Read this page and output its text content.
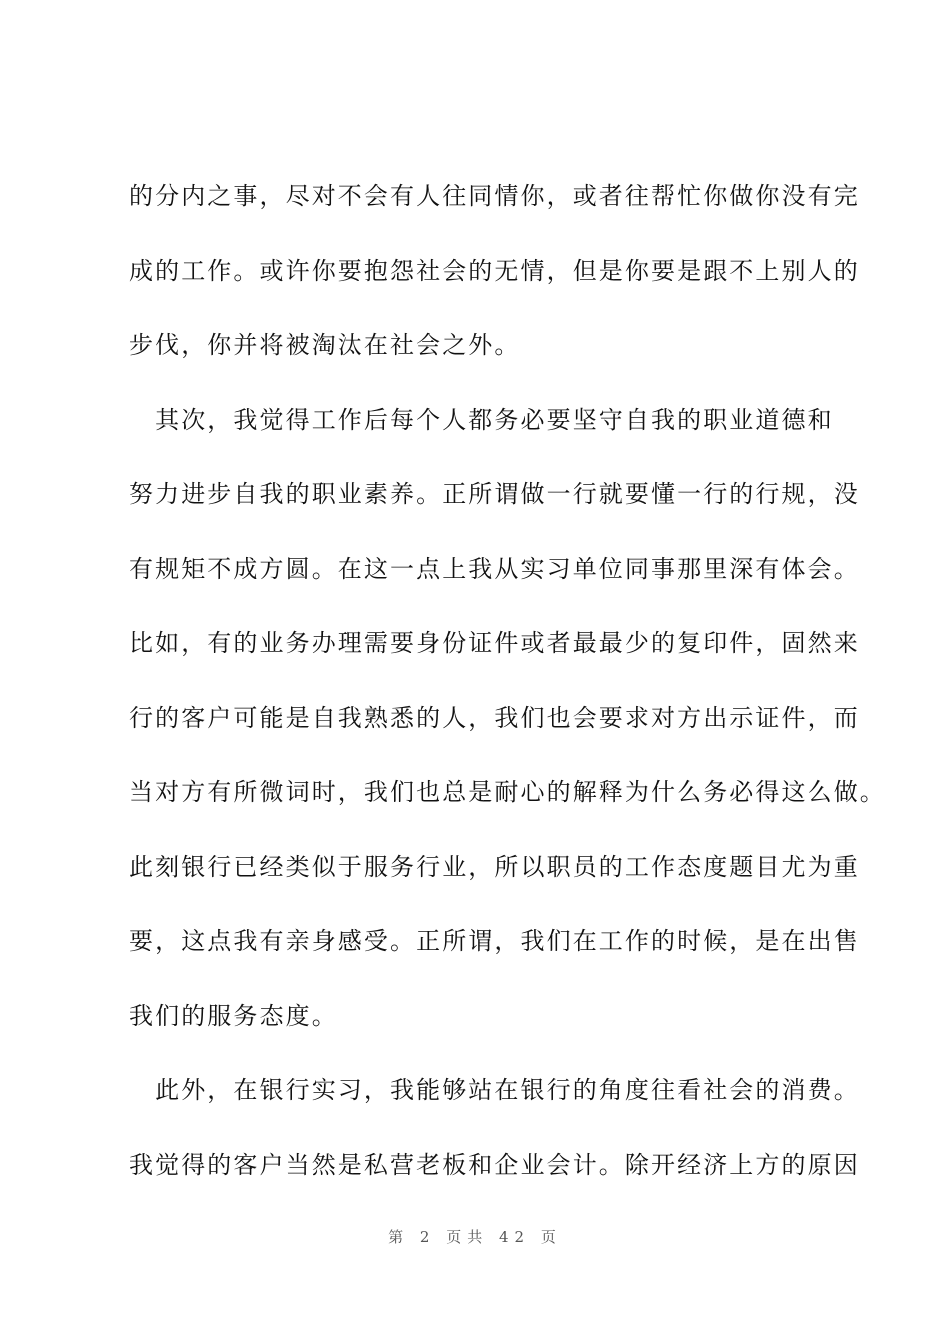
的分内之事，尽对不会有人往同情你，或者往帮忙你做你没有完
成的工作。或许你要抱怨社会的无情，但是你要是跟不上别人的
步伐，你并将被淘汰在社会之外。
　其次，我觉得工作后每个人都务必要坚守自我的职业道德和
努力进步自我的职业素养。正所谓做一行就要懂一行的行规，没
有规矩不成方圆。在这一点上我从实习单位同事那里深有体会。
比如，有的业务办理需要身份证件或者最最少的复印件，固然来
行的客户可能是自我熟悉的人，我们也会要求对方出示证件，而
当对方有所微词时，我们也总是耐心的解释为什么务必得这么做。
此刻银行已经类似于服务行业，所以职员的工作态度题目尤为重
要，这点我有亲身感受。正所谓，我们在工作的时候，是在出售
我们的服务态度。
　此外，在银行实习，我能够站在银行的角度往看社会的消费。
我觉得的客户当然是私营老板和企业会计。除开经济上方的原因
第 2 页共 42 页
